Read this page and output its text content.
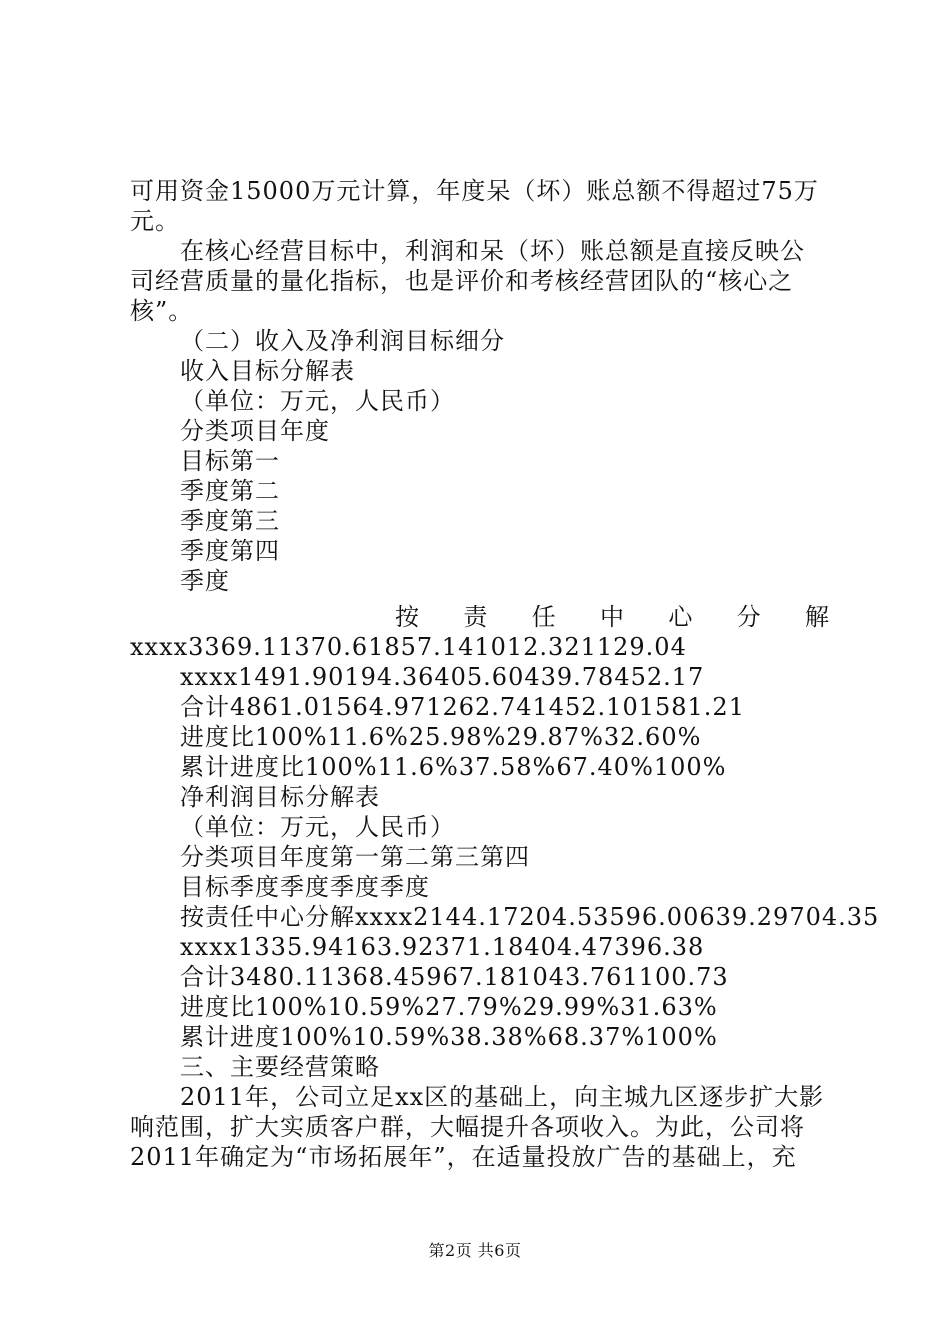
可用资金15000万元计算，年度呆（坏）账总额不得超过75万
元。
在核心经营目标中，利润和呆（坏）账总额是直接反映公
司经营质量的量化指标，也是评价和考核经营团队的“核心之
核”。
（二）收入及净利润目标细分
收入目标分解表
（单位：万元，人民币）
分类项目年度
目标第一
季度第二
季度第三
季度第四
季度
按 责 任 中 心 分 解
xxxx3369.11370.61857.141012.321129.04
xxxx1491.90194.36405.60439.78452.17
合计4861.01564.971262.741452.101581.21
进度比100%11.6%25.98%29.87%32.60%
累计进度比100%11.6%37.58%67.40%100%
净利润目标分解表
（单位：万元，人民币）
分类项目年度第一第二第三第四
目标季度季度季度季度
按责任中心分解xxxx2144.17204.53596.00639.29704.35
xxxx1335.94163.92371.18404.47396.38
合计3480.11368.45967.181043.761100.73
进度比100%10.59%27.79%29.99%31.63%
累计进度100%10.59%38.38%68.37%100%
三、主要经营策略
2011年，公司立足xx区的基础上，向主城九区逐步扩大影
响范围，扩大实质客户群，大幅提升各项收入。为此，公司将
2011年确定为“市场拓展年”，在适量投放广告的基础上，充
第2页 共6页
